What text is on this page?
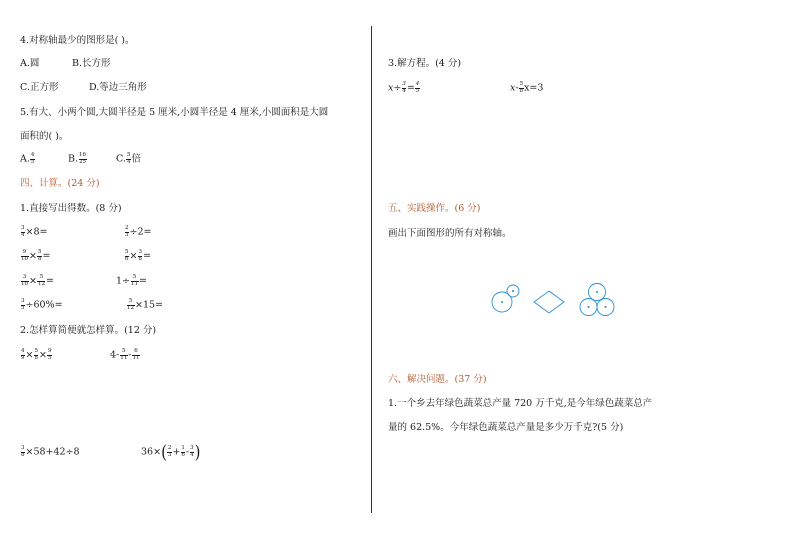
4.对称轴最少的图形是( )。
A.圆	B.长方形
C.正方形	D.等边三角形
5.有大、小两个圆,大圆半径是 5 厘米,小圆半径是 4 厘米,小圆面积是大圆
面积的( )。
A. $\frac{4}{5}$	B. $\frac{16}{25}$	C. $\frac{5}{4}$ 倍
四、计算。(24 分)
1.直接写出得数。(8 分)
$\frac{3}{4} \times 8=$	$\frac{2}{3} \div 2=$
$\frac{9}{10} \times \frac{5}{8}$ =	$\frac{5}{6} \times \frac{3}{8}$ =
$\frac{3}{10} \times \frac{5}{12}$ =	$1\div \frac{5}{11}$ =
$\frac{3}{5} \div 60\%=$	$\frac{5}{12} \times 15=$
2.怎样算简便就怎样算。(12 分)
$\frac{4}{9} \times \frac{5}{8} \times \frac{9}{5}$	$4- \frac{5}{11} - \frac{6}{11}$
$\frac{3}{8} \times 58+42\div 8$	$36\times( \frac{2}{3} + \frac{1}{6} - \frac{3}{4}$ )
3.解方程。(4 分)
$x\div \frac{3}{4} = \frac{4}{5}$	$x- \frac{5}{8} x=3$
五、实践操作。(6 分)
画出下面图形的所有对称轴。
六、解决问题。(37 分)
1.一个乡去年绿色蔬菜总产量 720 万千克,是今年绿色蔬菜总产
量的 62.5%。今年绿色蔬菜总产量是多少万千克?(5 分)
